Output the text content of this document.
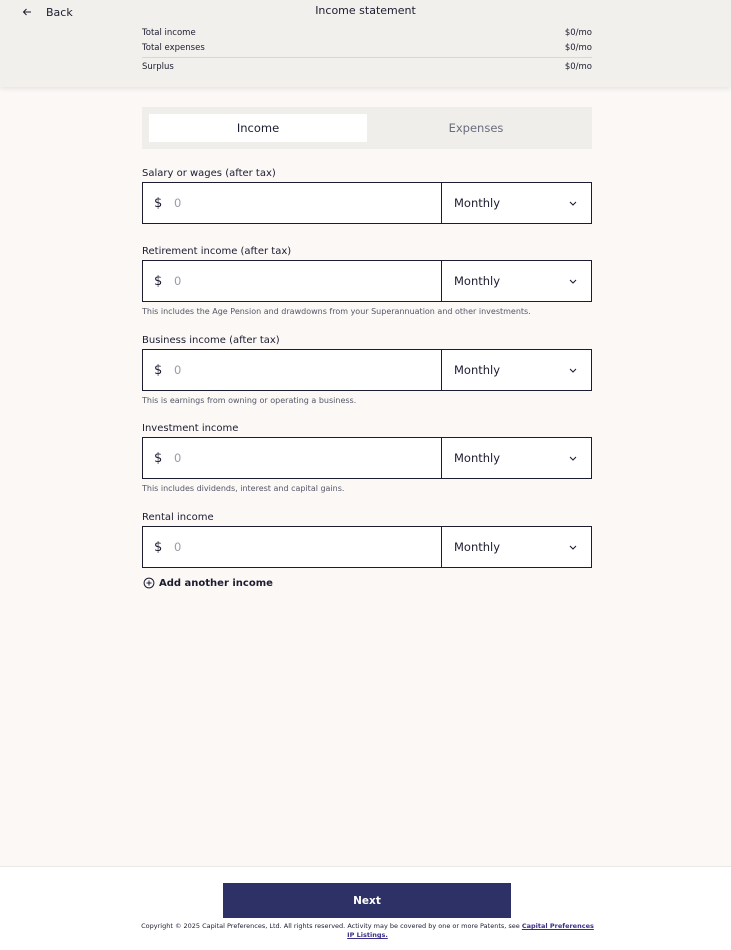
Back	Income statement
Total income	$0/mo
Total expenses	$0/mo
Surplus	$0/mo
Income	Expenses
Salary or wages (after tax)
$
0	Monthly
Retirement income (after tax)
$
0	Monthly
This includes the Age Pension and drawdowns from your Superannuation and other investments.
Business income (after tax)
$
0	Monthly
This is earnings from owning or operating a business.
Investment income
$
0	Monthly
This includes dividends, interest and capital gains.
Rental income
$
0	Monthly
Add another income
Next
Copyright © 2025 Capital Preferences, Ltd. All rights reserved. Activity may be covered by one or more Patents, see Capital Preferences IP Listings.
